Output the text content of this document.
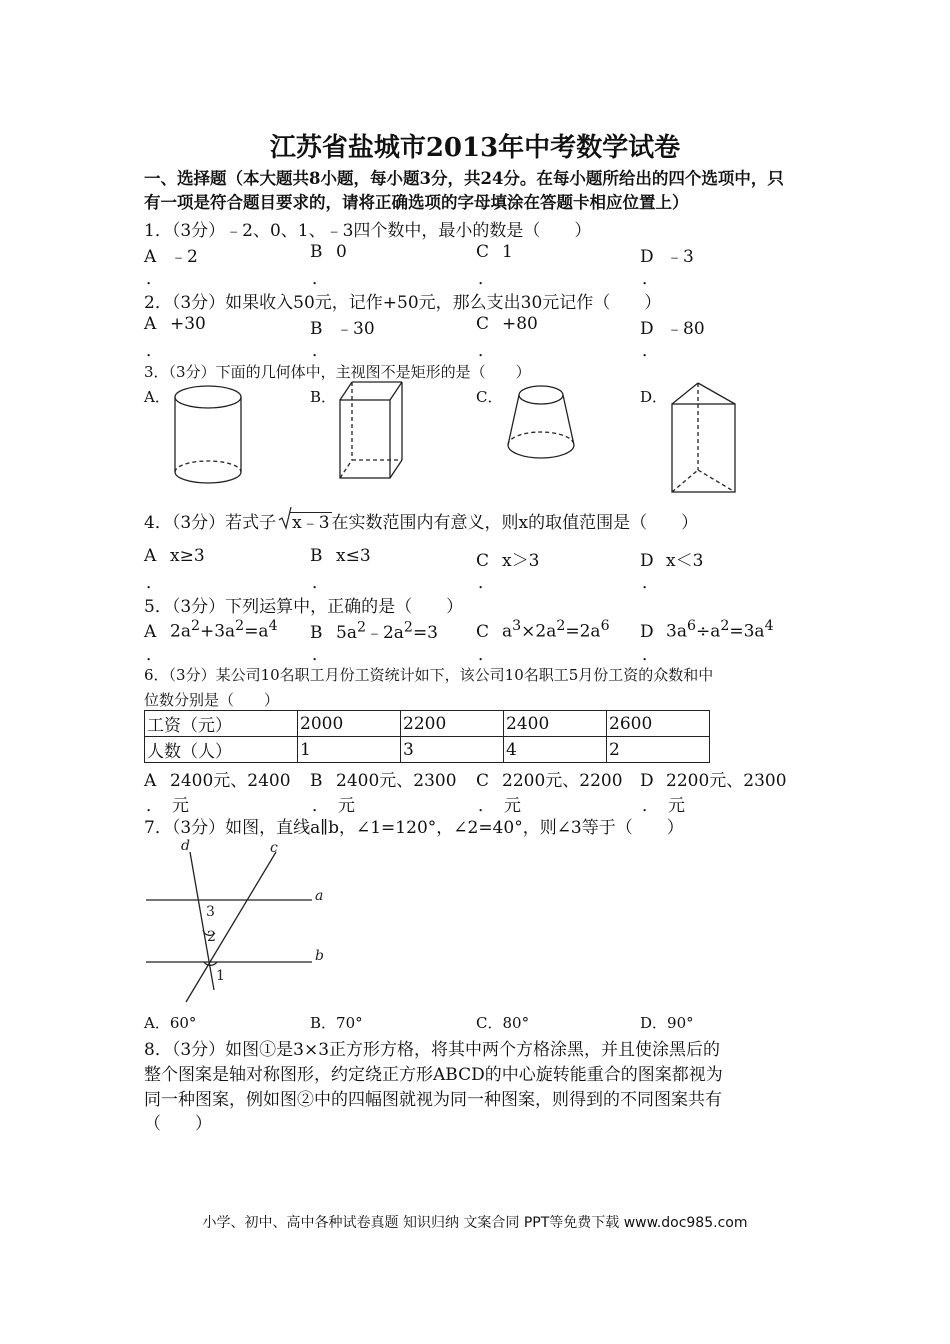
江苏省盐城市2013年中考数学试卷
一、选择题（本大题共8小题，每小题3分，共24分。在每小题所给出的四个选项中，只
有一项是符合题目要求的，请将正确选项的字母填涂在答题卡相应位置上）
1．（3分）﹣2、0、1、﹣3四个数中，最小的数是（　　）
A ﹣2	B 0	C 1	D ﹣3
．	．	．	．
2．（3分）如果收入50元，记作+50元，那么支出30元记作（　　）
A +30	B ﹣30	C +80	D ﹣80
．	．	．	．
3．（3分）下面的几何体中，主视图不是矩形的是（　　）
A．	B．	C．	D．
4．（3分）若式子 x﹣3 在实数范围内有意义，则x的取值范围是（　　）
A x≥3	B x≤3	C x＞3	D x＜3
．	．	．	．
5．（3分）下列运算中，正确的是（　　）
A $2a^2+3a^2=a^4$ B $5a^2﹣2a^2=3$ C $a^3\times 2a^2=2a^6$ D $3a^6\div a^2=3a^4$
．	．	．	．
6．（3分）某公司10名职工月份工资统计如下，该公司10名职工5月份工资的众数和中
位数分别是（　　）
工资（元）	2000	2200	2400	2600
人数（人）	1	3	4	2
A 2400元、2400 B 2400元、2300 C 2200元、2200 D 2200元、2300
． 元	． 元	． 元	． 元
7．（3分）如图，直线a∥b，∠1=120°，∠2=40°，则∠3等于（　　）
d	c
a
b
3
2
1
A．60°	B．70°	C．80°	D．90°
8．（3分）如图①是3×3正方形方格，将其中两个方格涂黑，并且使涂黑后的
整个图案是轴对称图形，约定绕正方形ABCD的中心旋转能重合的图案都视为
同一种图案，例如图②中的四幅图就视为同一种图案，则得到的不同图案共有
（　　）
小学、初中、高中各种试卷真题 知识归纳 文案合同 PPT等免费下载 www.doc985.com
